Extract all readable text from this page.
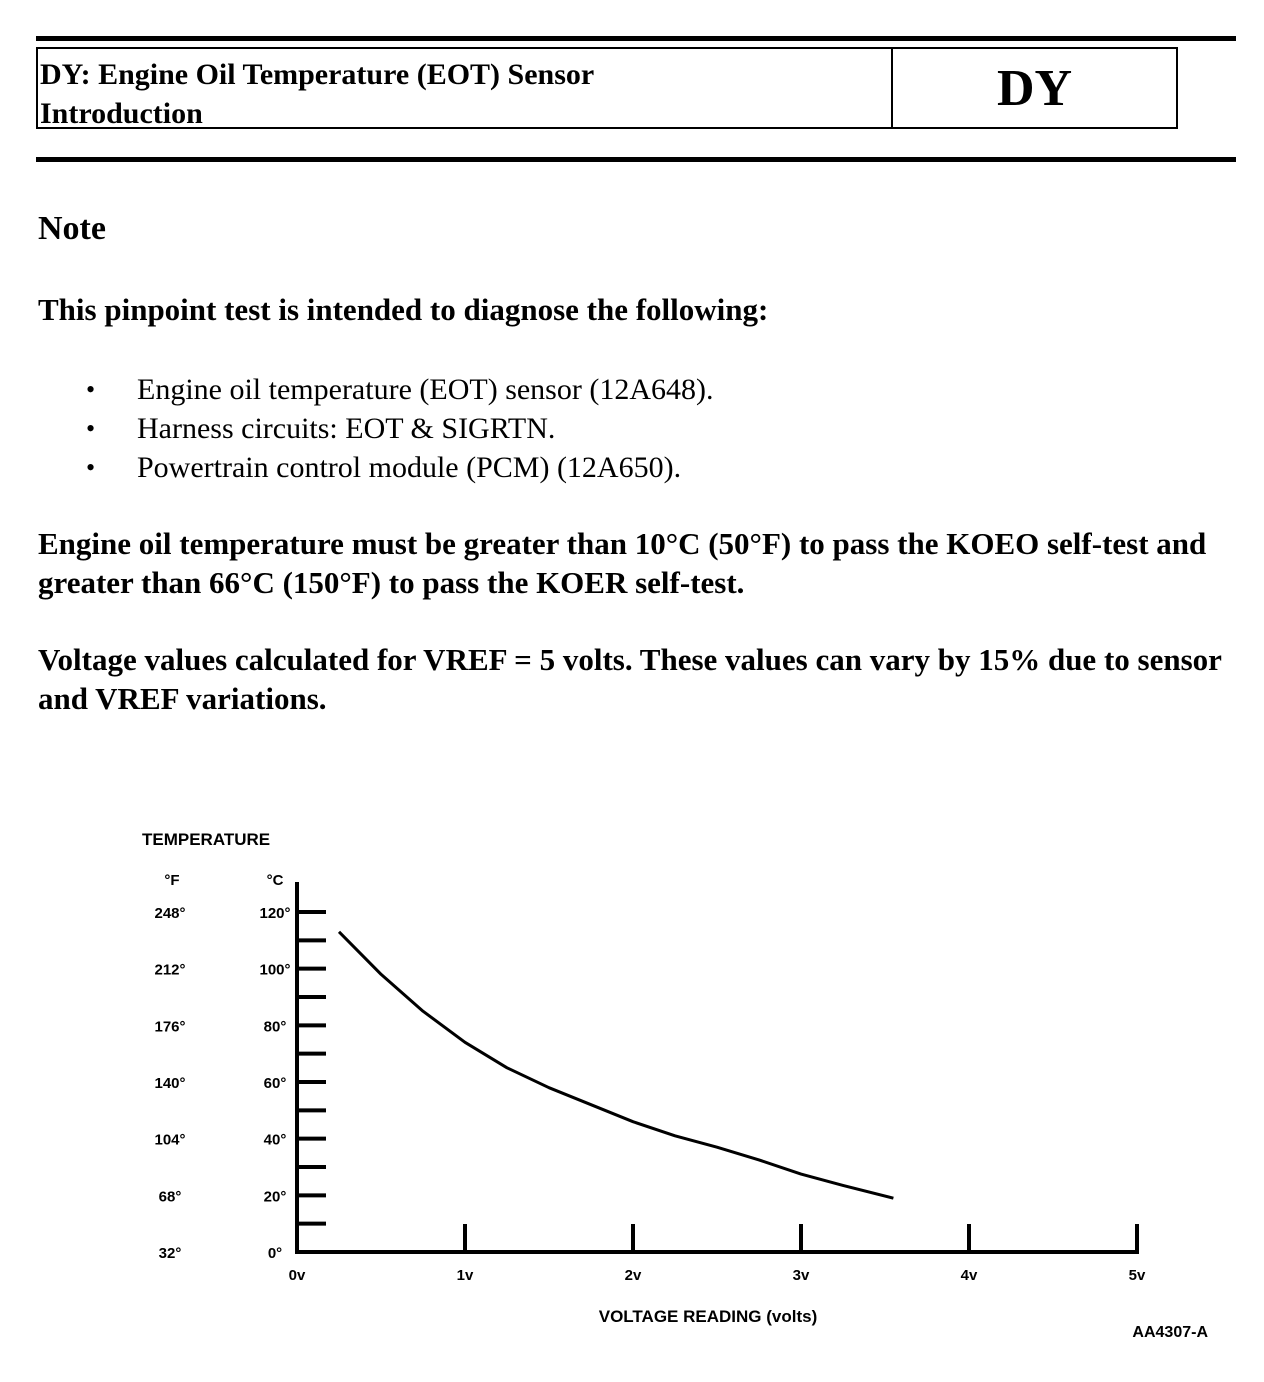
DY: Engine Oil Temperature (EOT) Sensor
Introduction	DY
Note

This pinpoint test is intended to diagnose the following:

•	Engine oil temperature (EOT) sensor (12A648).
•	Harness circuits: EOT & SIGRTN.
•	Powertrain control module (PCM) (12A650).

Engine oil temperature must be greater than 10°C (50°F) to pass the KOEO self-test and greater than 66°C (150°F) to pass the KOER self-test.

Voltage values calculated for VREF = 5 volts. These values can vary by 15% due to sensor and VREF variations.

TEMPERATURE
°F	°C
0v	1v	2v	3v	4v	5v
0°
32°
20°
68°
40°
104°
60°
140°
80°
176°
100°
212°
120°
248°
VOLTAGE READING (volts)
AA4307-A
